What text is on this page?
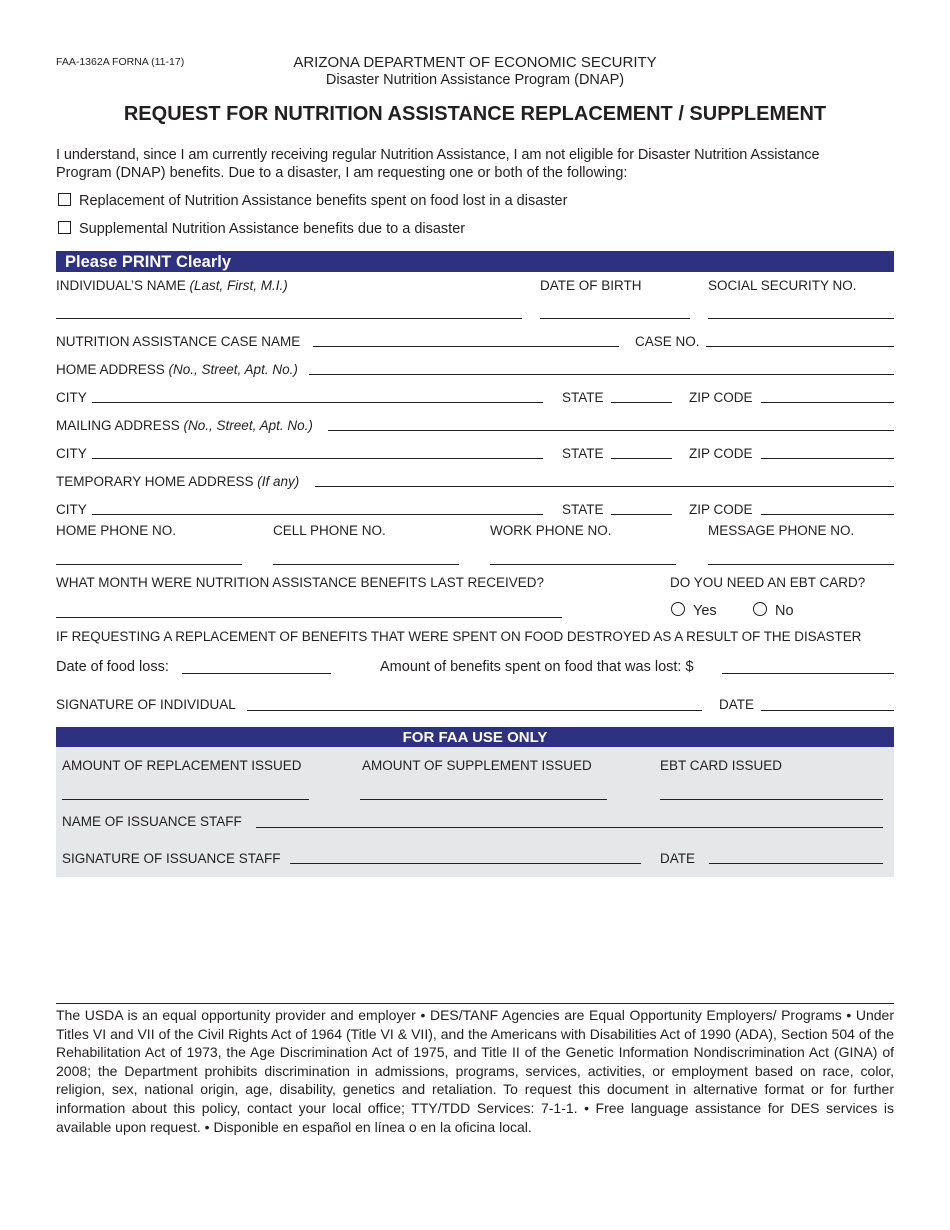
FAA-1362A FORNA (11-17)	ARIZONA DEPARTMENT OF ECONOMIC SECURITY
Disaster Nutrition Assistance Program (DNAP)
REQUEST FOR NUTRITION ASSISTANCE REPLACEMENT / SUPPLEMENT
I understand, since I am currently receiving regular Nutrition Assistance, I am not eligible for Disaster Nutrition Assistance
Program (DNAP) benefits. Due to a disaster, I am requesting one or both of the following:
Replacement of Nutrition Assistance benefits spent on food lost in a disaster
Supplemental Nutrition Assistance benefits due to a disaster
Please PRINT Clearly
INDIVIDUAL’S NAME (Last, First, M.I.)	DATE OF BIRTH	SOCIAL SECURITY NO.
NUTRITION ASSISTANCE CASE NAME	CASE NO.
HOME ADDRESS (No., Street, Apt. No.)
CITY	STATE	ZIP CODE
MAILING ADDRESS (No., Street, Apt. No.)
CITY	STATE	ZIP CODE
TEMPORARY HOME ADDRESS (If any)
CITY	STATE	ZIP CODE
HOME PHONE NO.	CELL PHONE NO.	WORK PHONE NO.	MESSAGE PHONE NO.
WHAT MONTH WERE NUTRITION ASSISTANCE BENEFITS LAST RECEIVED?	DO YOU NEED AN EBT CARD?
Yes	No
IF REQUESTING A REPLACEMENT OF BENEFITS THAT WERE SPENT ON FOOD DESTROYED AS A RESULT OF THE DISASTER
Date of food loss:	Amount of benefits spent on food that was lost: $
SIGNATURE OF INDIVIDUAL	DATE
FOR FAA USE ONLY
AMOUNT OF REPLACEMENT ISSUED	AMOUNT OF SUPPLEMENT ISSUED	EBT CARD ISSUED
NAME OF ISSUANCE STAFF
SIGNATURE OF ISSUANCE STAFF	DATE
The USDA is an equal opportunity provider and employer • DES/TANF Agencies are Equal Opportunity Employers/ Programs • Under Titles VI and VII of the Civil Rights Act of 1964 (Title VI & VII), and the Americans with Disabilities Act of 1990 (ADA), Section 504 of the Rehabilitation Act of 1973, the Age Discrimination Act of 1975, and Title II of the Genetic Information Nondiscrimination Act (GINA) of 2008; the Department prohibits discrimination in admissions, programs, services, activities, or employment based on race, color, religion, sex, national origin, age, disability, genetics and retaliation. To request this document in alternative format or for further information about this policy, contact your local office; TTY/TDD Services: 7-1-1. • Free language assistance for DES services is available upon request. • Disponible en español en línea o en la oficina local.
